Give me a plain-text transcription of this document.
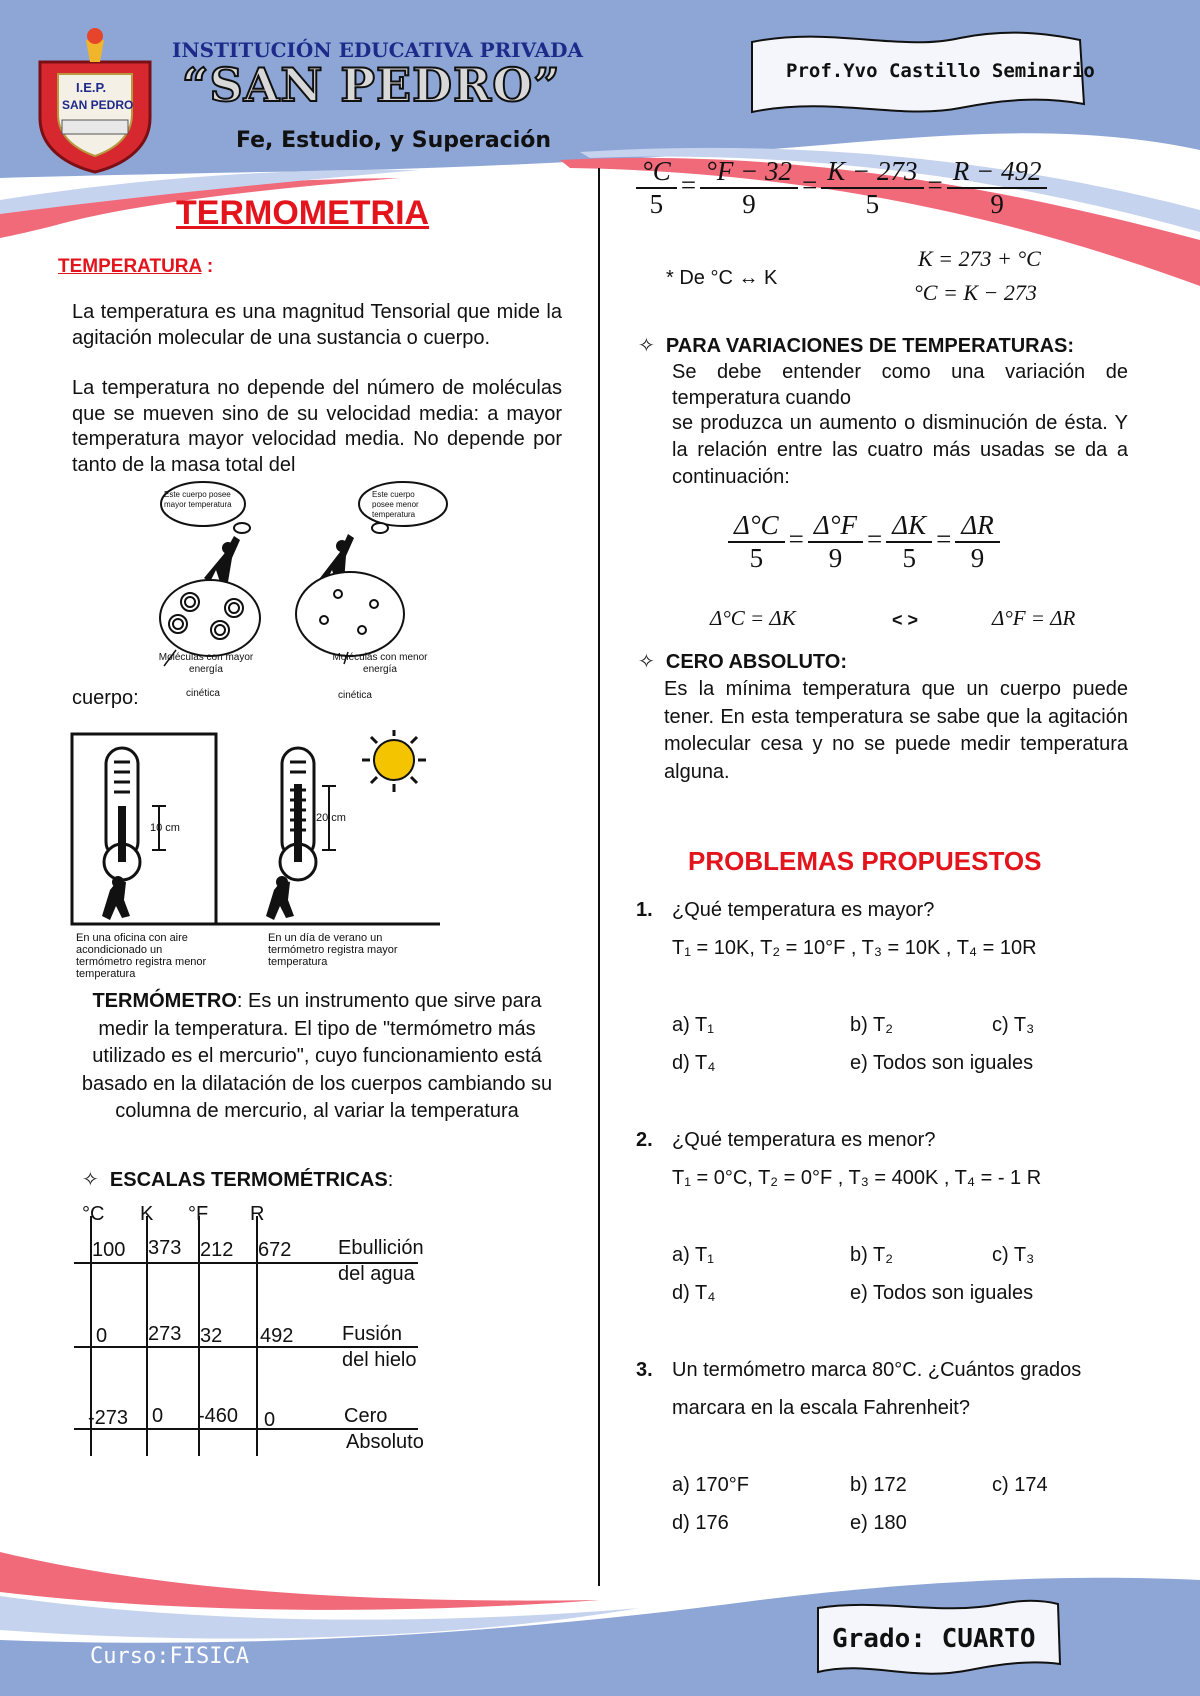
I.E.P.
SAN PEDRO
INSTITUCIÓN EDUCATIVA PRIVADA
“SAN PEDRO”
Fe, Estudio, y Superación
Prof.Yvo Castillo Seminario
TERMOMETRIA
TEMPERATURA :
La temperatura es una magnitud Tensorial que mide la agitación molecular de una sustancia o cuerpo.
La temperatura no depende del número de moléculas que se mueven sino de su velocidad media: a mayor temperatura mayor velocidad media. No depende por tanto de la masa total del
cuerpo:
Este cuerpo posee mayor temperatura
Este cuerpo posee menor temperatura
Moléculas con mayor energía
Moléculas con menor energía
cinética	cinética
10 cm
20 cm
En una oficina con aire acondicionado un termómetro registra menor temperatura
En un día de verano un termómetro registra mayor temperatura
TERMÓMETRO: Es un instrumento que sirve para medir la temperatura. El tipo de "termómetro más utilizado es el mercurio", cuyo funcionamiento está basado en la dilatación de los cuerpos cambiando su columna de mercurio, al variar la temperatura
✧ ESCALAS TERMOMÉTRICAS:
°C K °F R
100 373 212 672 Ebullición
del agua
0 273 32 492 Fusión
del hielo
-273 0 -460 0	Cero
Absoluto
$\frac{^\circ C}{5} = \frac{^\circ F - 32}{9} = \frac{K - 273}{5} = \frac{R - 492}{9}$
* De °C ↔ K
K = 273 + °C
°C = K − 273
✧ PARA VARIACIONES DE TEMPERATURAS:
Se debe entender como una variación de temperatura cuando
se produzca un aumento o disminución de ésta. Y la relación entre las cuatro más usadas se da a continuación:
$\frac{\Delta^\circ C}{5} = \frac{\Delta^\circ F}{9} = \frac{\Delta K}{5} = \frac{\Delta R}{9}$
Δ°C = ΔK	< >	Δ°F = ΔR
✧ CERO ABSOLUTO:
Es la mínima temperatura que un cuerpo puede tener. En esta temperatura se sabe que la agitación molecular cesa y no se puede medir temperatura alguna.
PROBLEMAS PROPUESTOS
1. ¿Qué temperatura es mayor?
T₁ = 10K, T₂ = 10°F , T₃ = 10K , T₄ = 10R
a) T₁	b) T₂	c) T₃
d) T₄	e) Todos son iguales
2. ¿Qué temperatura es menor?
T₁ = 0°C, T₂ = 0°F , T₃ = 400K , T₄ = - 1 R
a) T₁	b) T₂	c) T₃
d) T₄	e) Todos son iguales
3. Un termómetro marca 80°C. ¿Cuántos grados
marcara en la escala Fahrenheit?
a) 170°F	b) 172	c) 174
d) 176	e) 180
Curso:FISICA
Grado: CUARTO
